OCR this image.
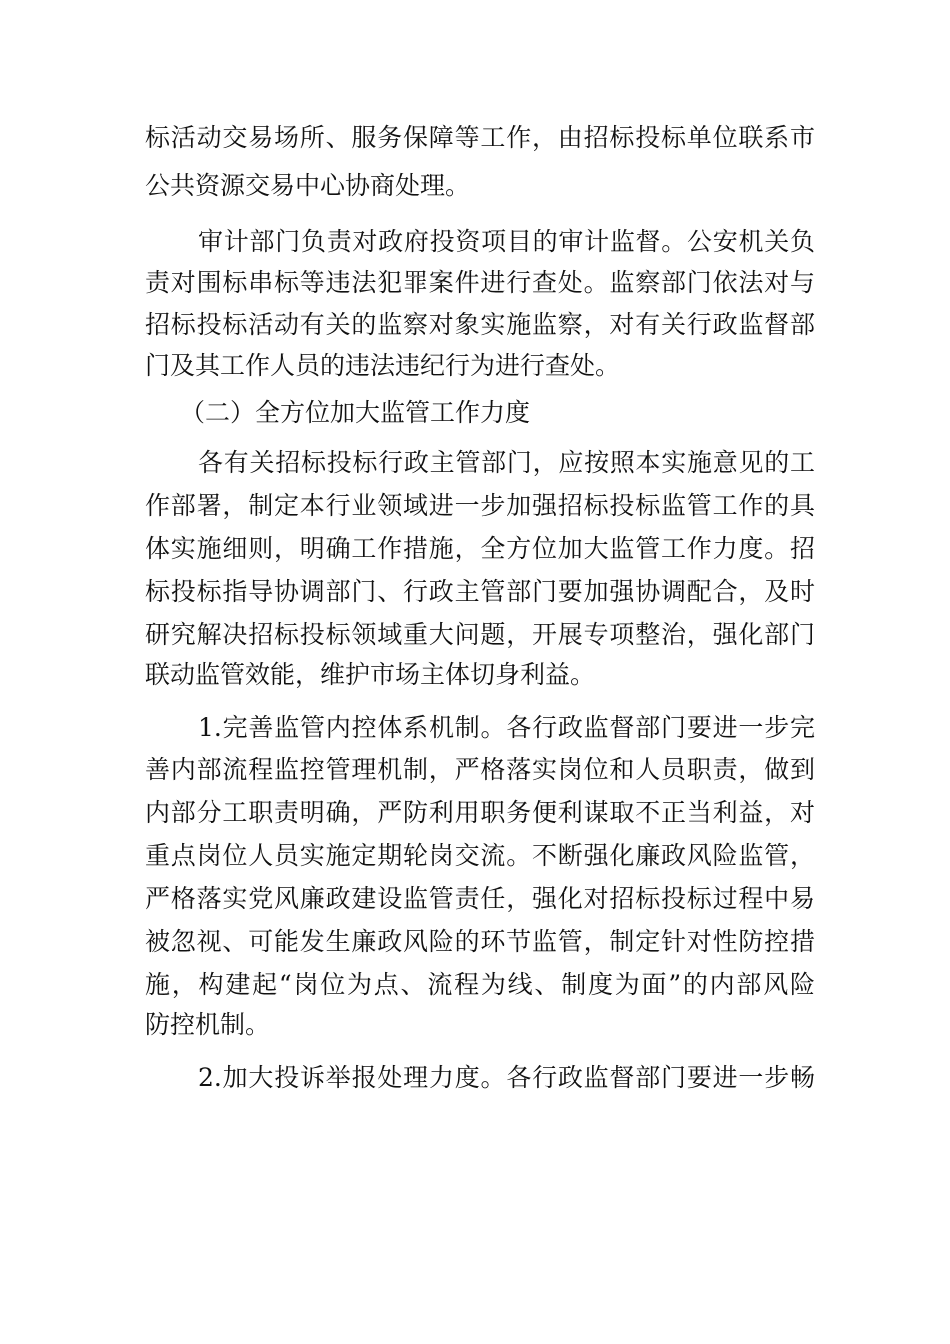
标活动交易场所、服务保障等工作，由招标投标单位联系市
公共资源交易中心协商处理。
审计部门负责对政府投资项目的审计监督。公安机关负
责对围标串标等违法犯罪案件进行查处。监察部门依法对与
招标投标活动有关的监察对象实施监察，对有关行政监督部
门及其工作人员的违法违纪行为进行查处。
（二）全方位加大监管工作力度
各有关招标投标行政主管部门，应按照本实施意见的工
作部署，制定本行业领域进一步加强招标投标监管工作的具
体实施细则，明确工作措施，全方位加大监管工作力度。招
标投标指导协调部门、行政主管部门要加强协调配合，及时
研究解决招标投标领域重大问题，开展专项整治，强化部门
联动监管效能，维护市场主体切身利益。
1.完善监管内控体系机制。各行政监督部门要进一步完
善内部流程监控管理机制，严格落实岗位和人员职责，做到
内部分工职责明确，严防利用职务便利谋取不正当利益，对
重点岗位人员实施定期轮岗交流。不断强化廉政风险监管，
严格落实党风廉政建设监管责任，强化对招标投标过程中易
被忽视、可能发生廉政风险的环节监管，制定针对性防控措
施，构建起“岗位为点、流程为线、制度为面”的内部风险
防控机制。
2.加大投诉举报处理力度。各行政监督部门要进一步畅
